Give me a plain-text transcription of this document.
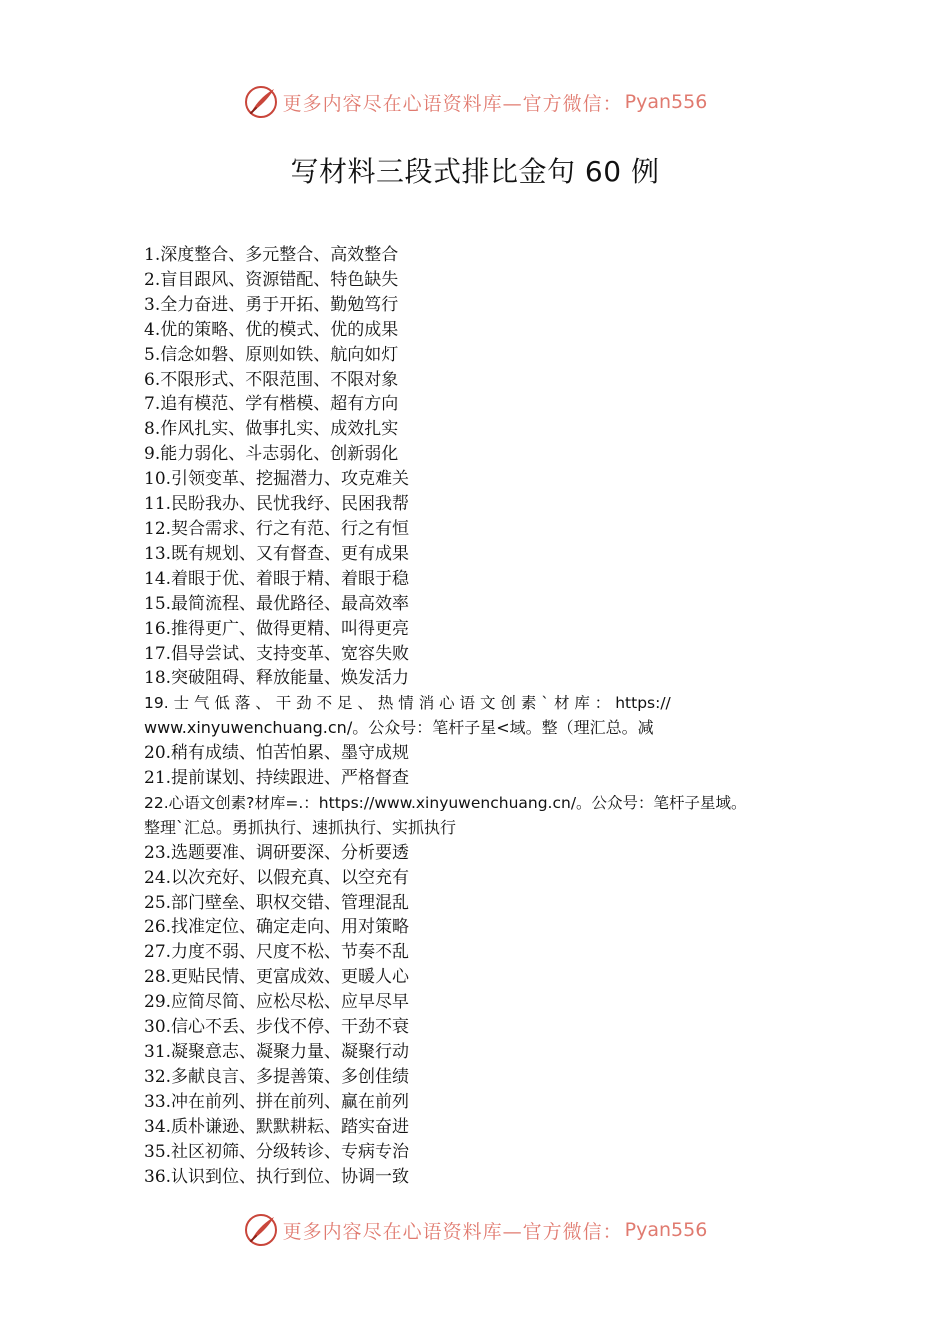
更多内容尽在心语资料库—官方微信： Pyan556
写材料三段式排比金句 60 例

1.深度整合、多元整合、高效整合

2.盲目跟风、资源错配、特色缺失

3.全力奋进、勇于开拓、勤勉笃行

4.优的策略、优的模式、优的成果

5.信念如磐、原则如铁、航向如灯

6.不限形式、不限范围、不限对象

7.追有模范、学有楷模、超有方向

8.作风扎实、做事扎实、成效扎实

9.能力弱化、斗志弱化、创新弱化

10.引领变革、挖掘潜力、攻克难关

11.民盼我办、民忧我纾、民困我帮

12.契合需求、行之有范、行之有恒

13.既有规划、又有督查、更有成果

14.着眼于优、着眼于精、着眼于稳

15.最简流程、最优路径、最高效率

16.推得更广、做得更精、叫得更亮

17.倡导尝试、支持变革、宽容失败

18.突破阻碍、释放能量、焕发活力

19. 士 气 低 落 、 干 劲 不 足 、 热 情 消 心 语 文 创 素 ` 材 库 ： https://

www.xinyuwenchuang.cn/。公众号：笔杆子星<域。整（理汇总。减

20.稍有成绩、怕苦怕累、墨守成规

21.提前谋划、持续跟进、严格督查

22.心语文创素?材库=.：https://www.xinyuwenchuang.cn/。公众号：笔杆子星域。

整理`汇总。勇抓执行、速抓执行、实抓执行

23.选题要准、调研要深、分析要透

24.以次充好、以假充真、以空充有

25.部门壁垒、职权交错、管理混乱

26.找准定位、确定走向、用对策略

27.力度不弱、尺度不松、节奏不乱

28.更贴民情、更富成效、更暖人心

29.应简尽简、应松尽松、应早尽早

30.信心不丢、步伐不停、干劲不衰

31.凝聚意志、凝聚力量、凝聚行动

32.多献良言、多提善策、多创佳绩

33.冲在前列、拼在前列、赢在前列

34.质朴谦逊、默默耕耘、踏实奋进

35.社区初筛、分级转诊、专病专治

36.认识到位、执行到位、协调一致

更多内容尽在心语资料库—官方微信： Pyan556
